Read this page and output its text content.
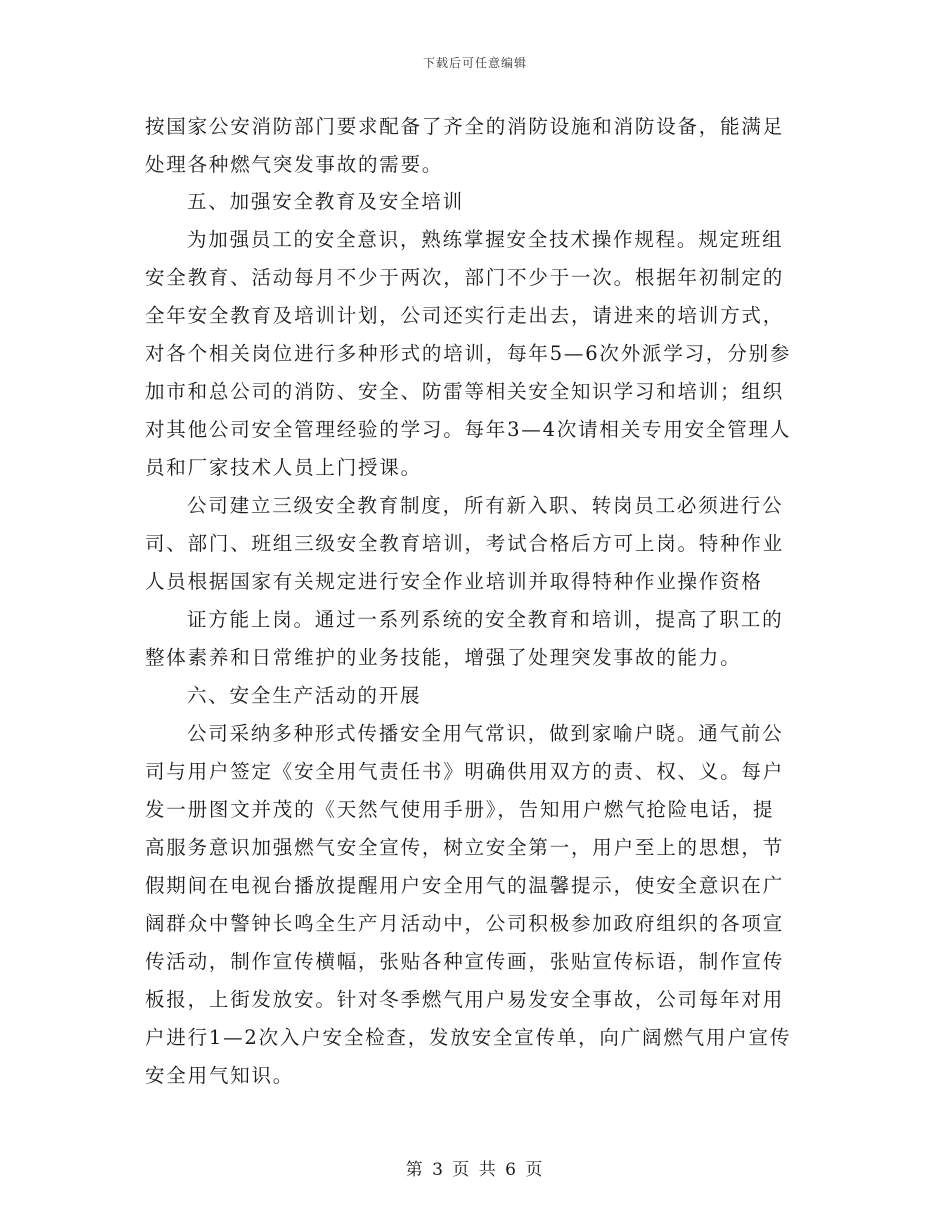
下载后可任意编辑
按国家公安消防部门要求配备了齐全的消防设施和消防设备，能满足
处理各种燃气突发事故的需要。
五、加强安全教育及安全培训
为加强员工的安全意识，熟练掌握安全技术操作规程。规定班组
安全教育、活动每月不少于两次，部门不少于一次。根据年初制定的
全年安全教育及培训计划，公司还实行走出去，请进来的培训方式，
对各个相关岗位进行多种形式的培训，每年5—6次外派学习，分别参
加市和总公司的消防、安全、防雷等相关安全知识学习和培训；组织
对其他公司安全管理经验的学习。每年3—4次请相关专用安全管理人
员和厂家技术人员上门授课。
公司建立三级安全教育制度，所有新入职、转岗员工必须进行公
司、部门、班组三级安全教育培训，考试合格后方可上岗。特种作业
人员根据国家有关规定进行安全作业培训并取得特种作业操作资格
证方能上岗。通过一系列系统的安全教育和培训，提高了职工的
整体素养和日常维护的业务技能，增强了处理突发事故的能力。
六、安全生产活动的开展
公司采纳多种形式传播安全用气常识，做到家喻户晓。通气前公
司与用户签定《安全用气责任书》明确供用双方的责、权、义。每户
发一册图文并茂的《天然气使用手册》，告知用户燃气抢险电话，提
高服务意识加强燃气安全宣传，树立安全第一，用户至上的思想，节
假期间在电视台播放提醒用户安全用气的温馨提示，使安全意识在广
阔群众中警钟长鸣全生产月活动中，公司积极参加政府组织的各项宣
传活动，制作宣传横幅，张贴各种宣传画，张贴宣传标语，制作宣传
板报，上街发放安。针对冬季燃气用户易发安全事故，公司每年对用
户进行1—2次入户安全检查，发放安全宣传单，向广阔燃气用户宣传
安全用气知识。
第 3 页 共 6 页
